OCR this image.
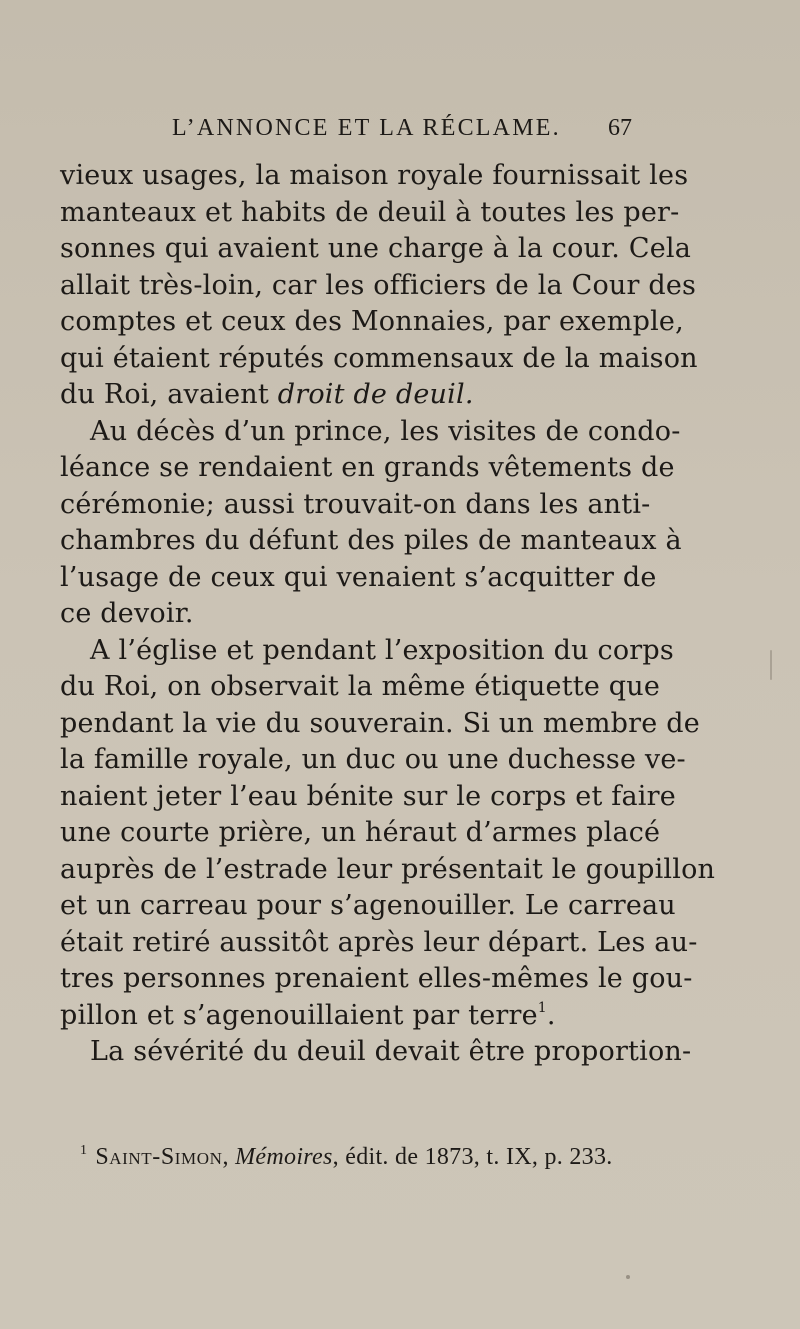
L’ANNONCE ET LA RÉCLAME. 67
vieux usages, la maison royale fournissait les
manteaux et habits de deuil à toutes les per-
sonnes qui avaient une charge à la cour. Cela
allait très-loin, car les officiers de la Cour des
comptes et ceux des Monnaies, par exemple,
qui étaient réputés commensaux de la maison
du Roi, avaient droit de deuil.
Au décès d’un prince, les visites de condo-
léance se rendaient en grands vêtements de
cérémonie; aussi trouvait-on dans les anti-
chambres du défunt des piles de manteaux à
l’usage de ceux qui venaient s’acquitter de
ce devoir.
A l’église et pendant l’exposition du corps
du Roi, on observait la même étiquette que
pendant la vie du souverain. Si un membre de
la famille royale, un duc ou une duchesse ve-
naient jeter l’eau bénite sur le corps et faire
une courte prière, un héraut d’armes placé
auprès de l’estrade leur présentait le goupillon
et un carreau pour s’agenouiller. Le carreau
était retiré aussitôt après leur départ. Les au-
tres personnes prenaient elles-mêmes le gou-
pillon et s’agenouillaient par terre$^1$.
La sévérité du deuil devait être proportion-
$^1$ Saint-Simon, Mémoires, édit. de 1873, t. IX, p. 233.
